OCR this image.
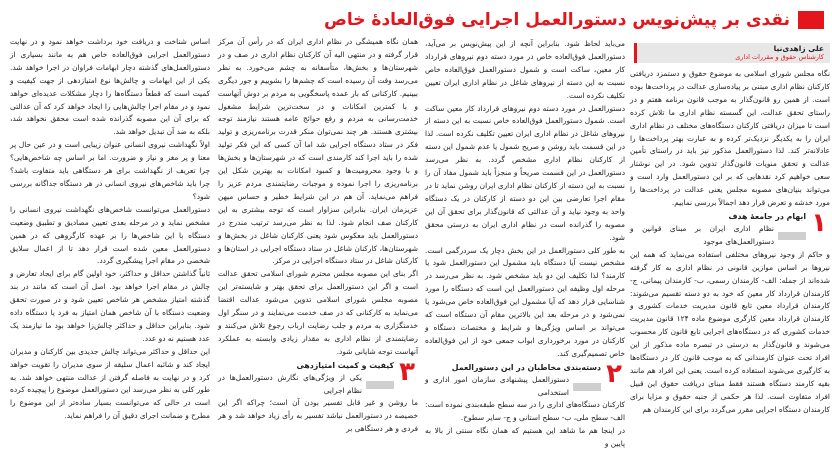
نقدی بر پیش‌نویس دستورالعمل اجرایی فوق‌العادهٔ خاص
علی زاهدی‌نیا
کارشناس حقوق و مقررات اداری

نگاه مجلس شورای اسلامی به موضوع حقوق و دستمزد دریافتی کارکنان نظام اداری مبتنی بر پیاده‌سازی عدالت در پرداخت‌ها بوده است. از همین رو قانون‌گذار به موجب قانون برنامه هفتم و در راستای تحقق عدالت، این گسسته نظام اداری ما تلاش کرده است تا میزان دریافتی کارکنان دستگاه‌های مختلف در نظام اداری ایران را به یکدیگر نزدیک‌تر کرده و به عبارت بهتر پرداخت‌ها را عادلانه‌تر کند. لذا دستورالعمل مذکور نیز باید در راستای تأمین عدالت و تحقق منویات قانون‌گذار تدوین شود. در این نوشتار سعی خواهیم کرد نقدهایی که بر این دستورالعمل وارد است و می‌تواند بنیان‌های مصوبه مجلس یعنی عدالت در پرداخت‌ها را مورد خدشه و تعرض قرار دهد اجمالاً بررسی نماییم.

۱
ابهام در جامعهٔ هدف
نظام اداری ایران بر مبنای قوانین و دستورالعمل‌های موجود

و حاکم از وجود نیروهای مختلفی استفاده می‌نماید که همه این نیروها بر اساس موازین قانونی در نظام اداری به کار گرفته شده‌اند از جمله: الف- کارمندان رسمی، ب- کارمندان پیمانی، ج- کارمندان قرارداد کار معین که خود به دو دسته تقسیم می‌شوند: کارمندان قرارداد معین تابع قانون مدیریت خدمات کشوری و کارمندان قرارداد معین کارگری موضوع ماده ۱۲۴ قانون مدیریت خدمات کشوری که در دستگاه‌های اجرایی تابع قانون کار محسوب می‌شوند و قانون‌گذار به درستی در تبصره ماده مذکور از این افراد تحت عنوان کارمندانی که به موجب قانون کار در دستگاه‌ها به کارگیری می‌شوند استفاده کرده است. یعنی این افراد هم مانند بقیه کارمند دستگاه هستند فقط مبنای دریافت حقوق این قبیل افراد متفاوت است. لذا هر حکمی از جنبه حقوق و مزایا برای کارمندان دستگاه اجرایی مقرر می‌گردد برای این کارمندان هم

می‌باید لحاظ شود. بنابراین آنچه از این پیش‌نویس بر می‌آید، دستورالعمل فوق‌العاده خاص در مورد دسته دوم نیروهای قرارداد کار معین، ساکت است و شمول دستورالعمل فوق‌العاده خاص نسبت به این دسته از نیروهای شاغل در نظام اداری ایران تعیین تکلیف نکرده است.

دستورالعمل در مورد دسته دوم نیروهای قرارداد کار معین ساکت است. شمول دستورالعمل فوق‌العاده خاص نسبت به این دسته از نیروهای شاغل در نظام اداری ایران تعیین تکلیف نکرده است. لذا در این قسمت باید روشن و صریح شمول یا عدم شمول این دسته از کارکنان نظام اداری مشخص گردد. به نظر می‌رسد دستورالعمل در این قسمت صریحاً و منجزاً باید شمول مفاد آن را نسبت به این دسته از کارکنان نظام اداری ایران روشن نماید تا در مقام اجرا تعارضی بین این دو دسته از کارکنان در یک دستگاه واحد به وجود نیاید و آن عدالتی که قانون‌گذار برای تحقق آن این مصوبه را گذرانده است در نظام اداری ایران به درستی محقق شود.

به طور کلی دستورالعمل در این بخش دچار یک سردرگمی است. مشخص نیست آیا دستگاه باید مشمول این دستورالعمل شود یا کارمند؟ لذا تکلیف این دو باید مشخص شود. به نظر می‌رسد در مرحله اول وظیفه این دستورالعمل این است که دستگاه را مورد شناسایی قرار دهد که آیا مشمول این فوق‌العاده خاص می‌شود یا نمی‌شود و در مرحله بعد این بالاترین مقام آن دستگاه است که می‌تواند بر اساس ویژگی‌ها و شرایط و مختصات دستگاه و کارکنان در مورد برخورداری ابواب جمعی خود از این فوق‌العاده خاص تصمیم‌گیری کند.

۲
دسته‌بندی مخاطبان در این دستورالعمل
دستورالعمل پیشنهادی سازمان امور اداری و استخدامی

کارکنان دستگاه‌های اداری را در سه سطح طبقه‌بندی نموده است: الف- سطح ملی، ب- سطح استانی و ج- سایر سطوح.

در اینجا هم ما شاهد این هستیم که همان نگاه سنتی از بالا به پایین و

همان نگاه همیشگی در نظام اداری ایران که در رأس آن مرکز قرار گرفته و در منتهی الیه آن کارکنان نظام اداری در صف و در شهرستان‌ها و بخش‌ها، متأسفانه به چشم می‌خورد. به نظر می‌رسد وقت آن رسیده است که چشم‌ها را بشوییم و جور دیگری ببینیم. کارکنانی که بار عمده پاسخگویی به مردم بر دوش آنهاست و با کمترین امکانات و در سخت‌ترین شرایط مشغول خدمت‌رسانی به مردم و رفع حوائج عامه هستند نیازمند توجه بیشتری هستند. هر چند نمی‌توان منکر قدرت برنامه‌ریزی و تولید فکر در ستاد دستگاه اجرایی شد اما آن کسی که این فکر تولید شده را باید اجرا کند کارمندی است که در شهرستان‌ها و بخش‌ها و با وجود محرومیت‌ها و کمبود امکانات به بهترین شکل این برنامه‌ریزی را اجرا نموده و موجبات رضایتمندی مردم عزیز را فراهم می‌نماید. آن هم در این شرایط خطیر و حساس میهن عزیزمان ایران. بنابراین سزاوار است که توجه بیشتری به این کارکنان صف انجام شود. لذا به نظر می‌رسد ترتیب مندرج در دستورالعمل باید معکوس شود یعنی کارکنان شاغل در بخش‌ها و شهرستان‌ها، کارکنان شاغل در ستاد دستگاه اجرایی در استان‌ها و کارکنان شاغل در ستاد دستگاه اجرایی در مرکز.

اگر بنای این مصوبه مجلس محترم شورای اسلامی تحقق عدالت است و اگر این دستورالعمل برای تحقق بهتر و شایسته‌تر این مصوبه مجلس شورای اسلامی تدوین می‌شود عدالت اقتضا می‌نماید به کارکنانی که در صف خدمت می‌نمایند و در سنگر اول خدمتگزاری به مردم و جلب رضایت ارباب رجوع تلاش می‌کنند و رضایتمندی از نظام اداری به مقدار زیادی وابسته به عملکرد آنهاست توجه شایانی شود.

۳
کیفیت و کمیت امتیازدهی
یکی از ویژگی‌های نگارش دستورالعمل‌ها در نظام اجرایی

ما روشن و غیر قابل تفسیر بودن آن است؛ چراکه اگر این خصیصه در دستورالعمل نباشد تفسیر به رأی زیاد خواهد شد و هر فردی و هر دستگاهی بر

اساس شناخت و دریافت خود برداشت خواهد نمود و در نهایت دستورالعمل اجرایی فوق‌العاده خاص هم به مانند بسیاری از دستورالعمل‌های گذشته دچار ابهامات فراوان در اجرا خواهد شد. یکی از این ابهامات و چالش‌ها نوع امتیازدهی از جهت کیفیت و کمیت است که قطعاً دستگاه‌ها را دچار مشکلات عدیده‌ای خواهد نمود و در مقام اجرا چالش‌هایی را ایجاد خواهد کرد که آن عدالتی که برای آن این مصوبه گذرانده شده است محقق نخواهد شد، بلکه به ضد آن تبدیل خواهد شد.

اولاً نگهداشت نیروی انسانی عنوان زیبایی است و در عین حال پر معنا و پر مغز و نیاز و ضرورت. اما بر اساس چه شاخص‌هایی؟ چرا تعریف از نگهداشت برای هر دستگاهی باید متفاوت باشد؟ چرا باید شاخص‌های نیروی انسانی در هر دستگاه جداگانه بررسی شود؟

دستورالعمل می‌توانست شاخص‌های نگهداشت نیروی انسانی را مشخص نماید و در مرحله بعدی تعیین مصادیق و تطبیق وضعیت دستگاه با این شاخص‌ها را بر عهده کارگروهی که در همین دستورالعمل معین شده است قرار دهد تا از اعمال سلایق شخصی در مقام اجرا پیشگیری گردد.

ثانیاً گذاشتن حداقل و حداکثر، خود اولین گام برای ایجاد تعارض و چالش در مقام اجرا خواهد بود. اصل آن است که مانند در بند گذشته امتیاز مشخص هر شاخص تعیین شود و در صورت تحقق وضعیت دستگاه با آن شاخص همان امتیاز به فرد یا دستگاه داده شود. بنابراین حداقل و حداکثر چالش‌زا خواهد بود ما نیازمند یک عدد هستیم نه دو عدد.

این حداقل و حداکثر می‌تواند چالش جدیدی بین کارکنان و مدیران ایجاد کند و شائبه اعمال سلیقه از سوی مدیران را تقویت خواهد کرد و در نهایت به فاصله گرفتن از عدالت منتهی خواهد شد. به طور کلی به نظر می‌رسد این دستورالعمل موضوع را پیچیده کرده است در حالی که می‌توانست بسیار ساده‌تر از این موضوع را مطرح و ضمانت اجرای دقیق آن را فراهم نماید.
